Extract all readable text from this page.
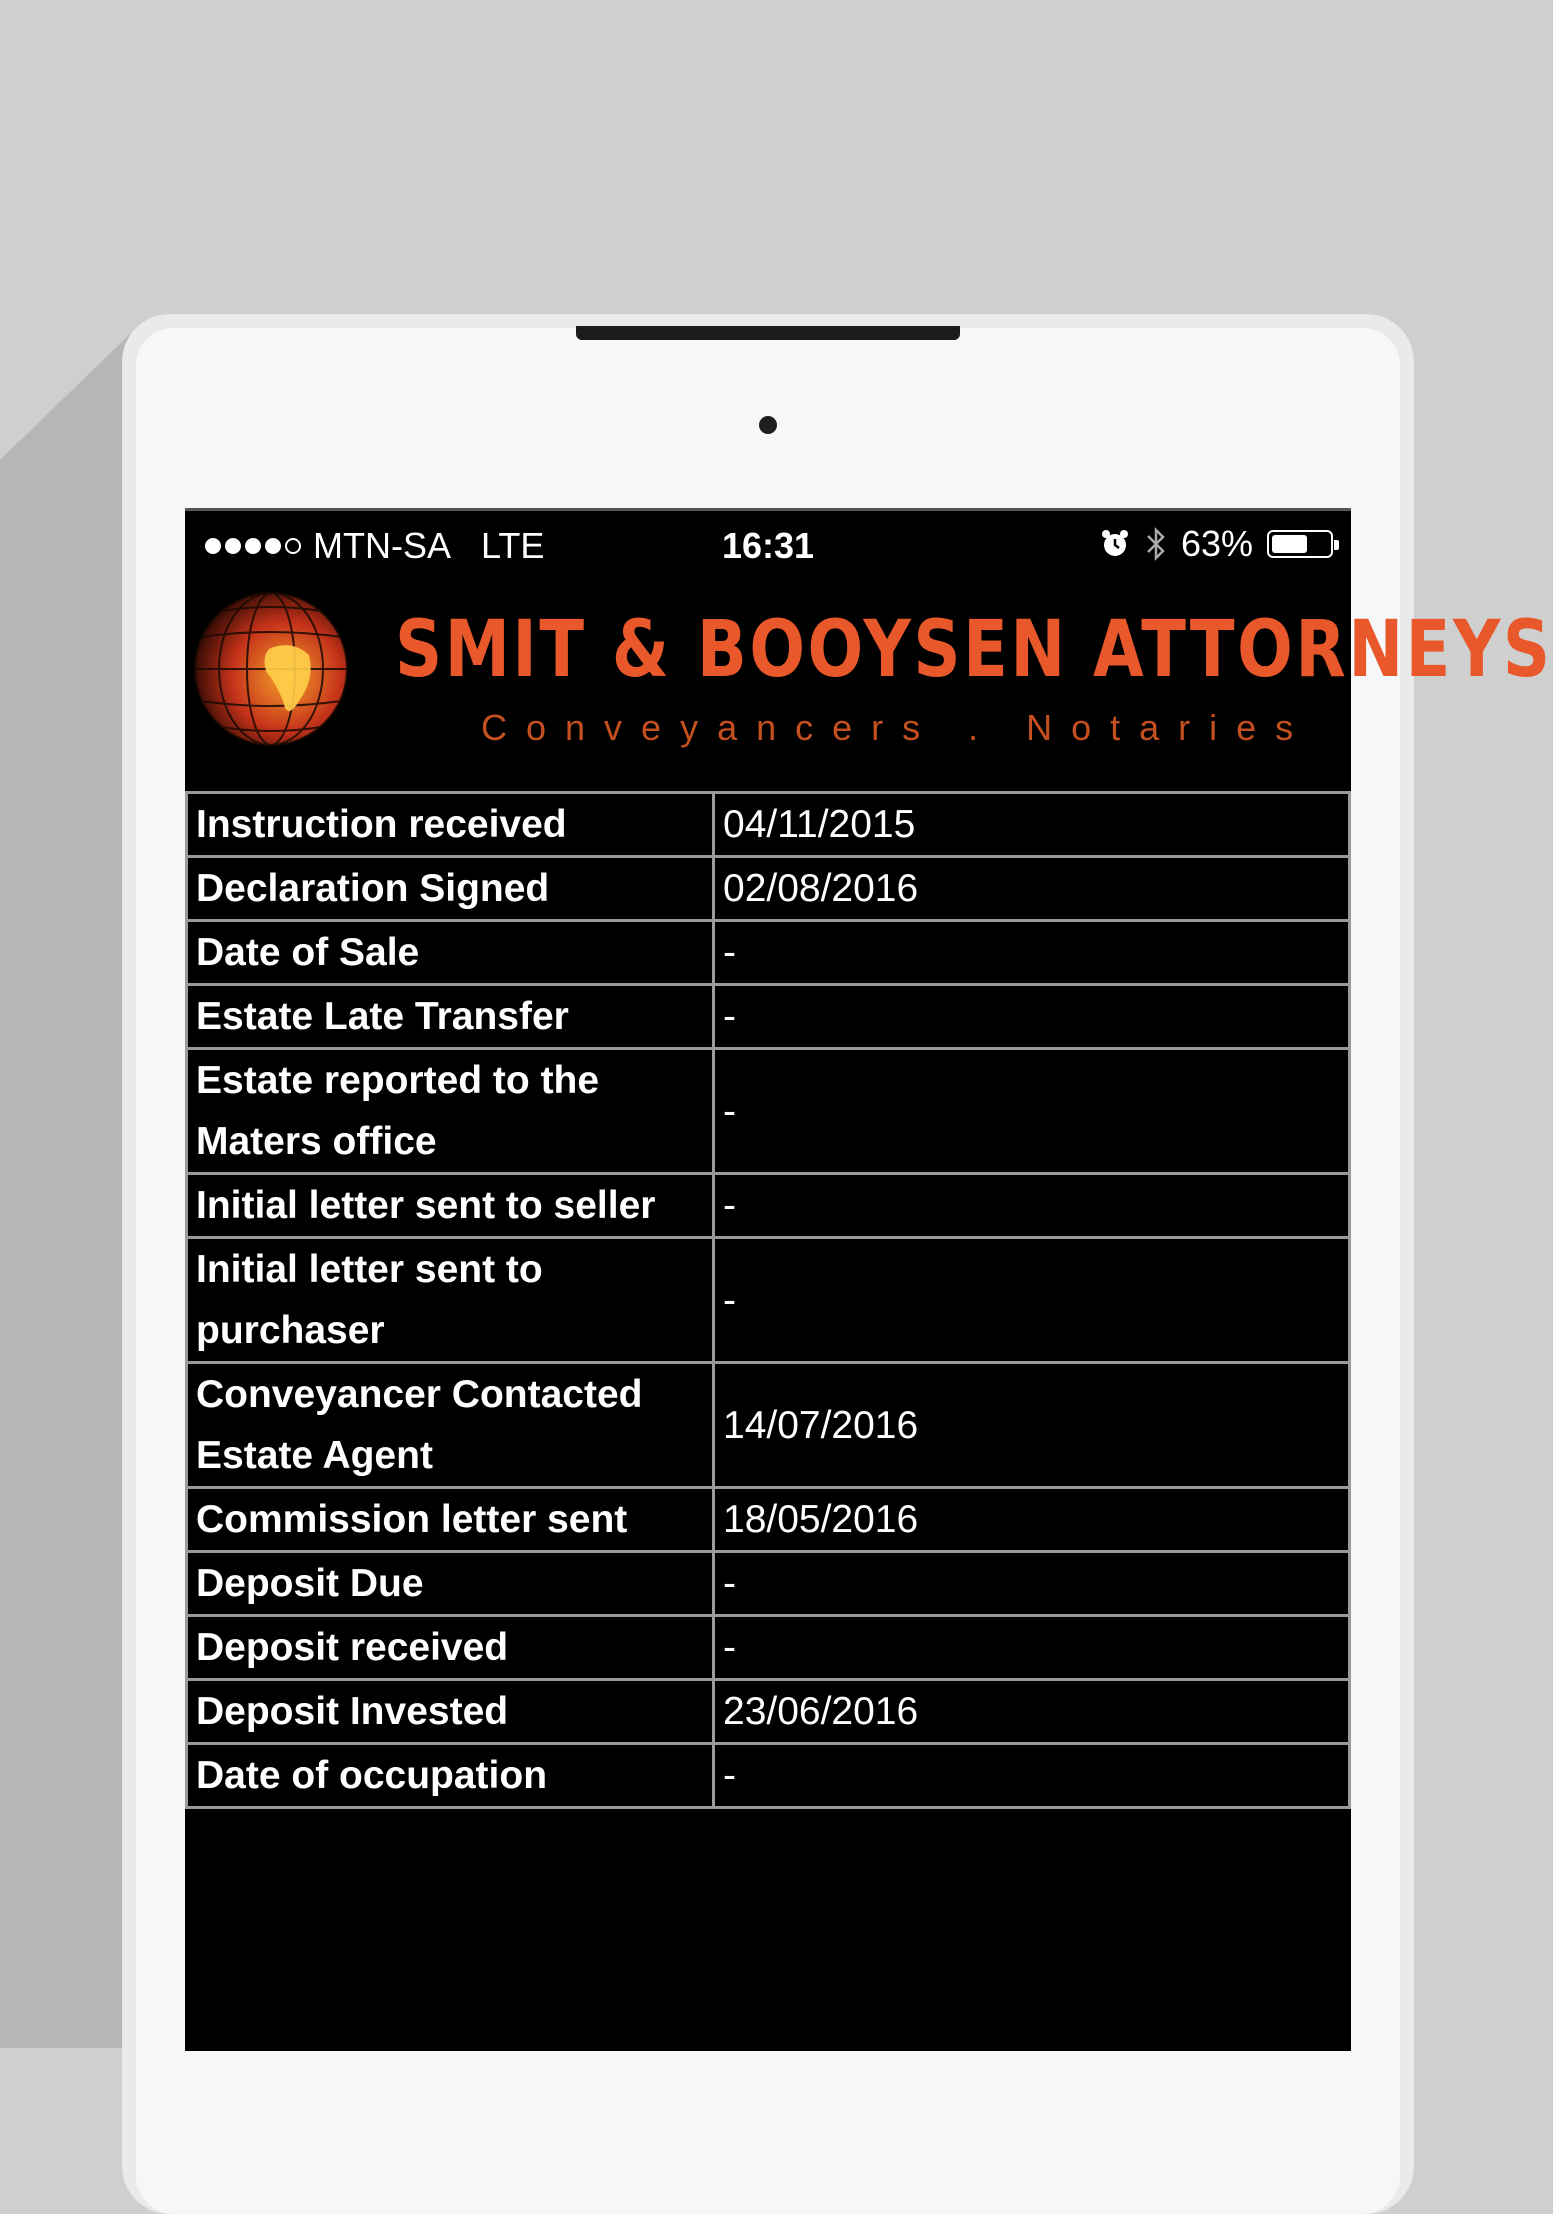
MTN-SA LTE	16:31	63%
SMIT & BOOYSEN ATTORNEYS
Conveyancers . Notaries
Instruction received	04/11/2015
Declaration Signed	02/08/2016
Date of Sale	-
Estate Late Transfer	-
Estate reported to the Maters office	-
Initial letter sent to seller	-
Initial letter sent to purchaser	-
Conveyancer Contacted Estate Agent	14/07/2016
Commission letter sent	18/05/2016
Deposit Due	-
Deposit received	-
Deposit Invested	23/06/2016
Date of occupation	-
